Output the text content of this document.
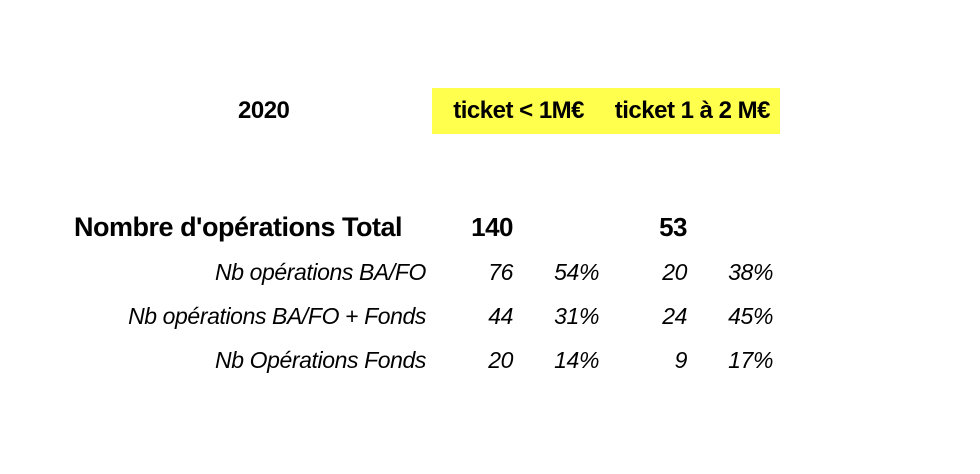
2020	ticket < 1M€ ticket 1 à 2 M€
Nombre d'opérations Total	140	53
Nb opérations BA/FO	76 54%	20 38%
Nb opérations BA/FO + Fonds	44 31%	24 45%
Nb Opérations Fonds	20 14%	9 17%
